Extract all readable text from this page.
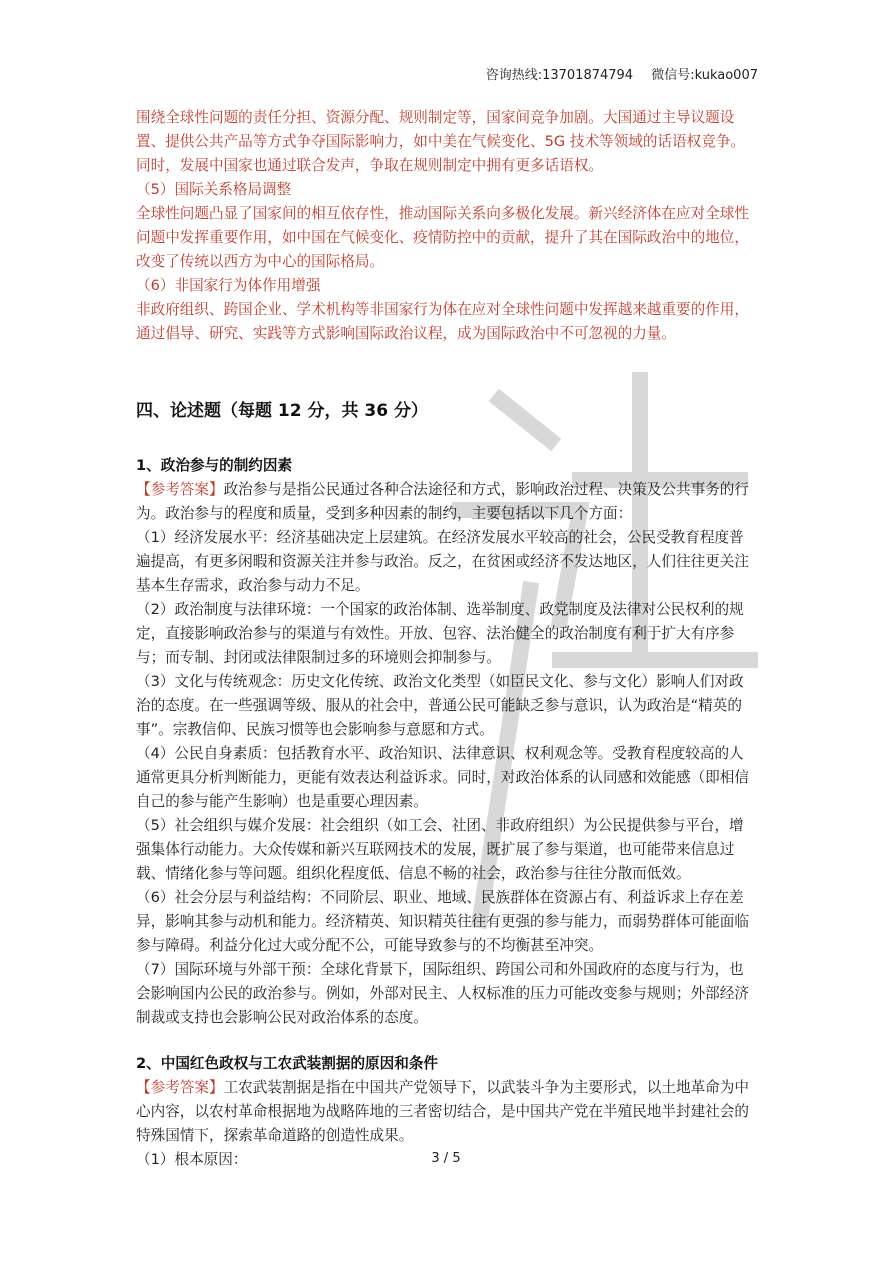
咨询热线:13701874794 微信号:kukao007

围绕全球性问题的责任分担、资源分配、规则制定等，国家间竞争加剧。大国通过主导议题设置、提供公共产品等方式争夺国际影响力，如中美在气候变化、5G 技术等领域的话语权竞争。同时，发展中国家也通过联合发声，争取在规则制定中拥有更多话语权。

（5）国际关系格局调整

全球性问题凸显了国家间的相互依存性，推动国际关系向多极化发展。新兴经济体在应对全球性问题中发挥重要作用，如中国在气候变化、疫情防控中的贡献，提升了其在国际政治中的地位，改变了传统以西方为中心的国际格局。

（6）非国家行为体作用增强

非政府组织、跨国企业、学术机构等非国家行为体在应对全球性问题中发挥越来越重要的作用，通过倡导、研究、实践等方式影响国际政治议程，成为国际政治中不可忽视的力量。

四、论述题（每题 12 分，共 36 分）

1、政治参与的制约因素

【参考答案】政治参与是指公民通过各种合法途径和方式，影响政治过程、决策及公共事务的行为。政治参与的程度和质量，受到多种因素的制约，主要包括以下几个方面：

（1）经济发展水平：经济基础决定上层建筑。在经济发展水平较高的社会，公民受教育程度普遍提高，有更多闲暇和资源关注并参与政治。反之，在贫困或经济不发达地区，人们往往更关注基本生存需求，政治参与动力不足。

（2）政治制度与法律环境：一个国家的政治体制、选举制度、政党制度及法律对公民权利的规定，直接影响政治参与的渠道与有效性。开放、包容、法治健全的政治制度有利于扩大有序参与；而专制、封闭或法律限制过多的环境则会抑制参与。

（3）文化与传统观念：历史文化传统、政治文化类型（如臣民文化、参与文化）影响人们对政治的态度。在一些强调等级、服从的社会中，普通公民可能缺乏参与意识，认为政治是“精英的事”。宗教信仰、民族习惯等也会影响参与意愿和方式。

（4）公民自身素质：包括教育水平、政治知识、法律意识、权利观念等。受教育程度较高的人通常更具分析判断能力，更能有效表达利益诉求。同时，对政治体系的认同感和效能感（即相信自己的参与能产生影响）也是重要心理因素。

（5）社会组织与媒介发展：社会组织（如工会、社团、非政府组织）为公民提供参与平台，增强集体行动能力。大众传媒和新兴互联网技术的发展，既扩展了参与渠道，也可能带来信息过载、情绪化参与等问题。组织化程度低、信息不畅的社会，政治参与往往分散而低效。

（6）社会分层与利益结构：不同阶层、职业、地域、民族群体在资源占有、利益诉求上存在差异，影响其参与动机和能力。经济精英、知识精英往往有更强的参与能力，而弱势群体可能面临参与障碍。利益分化过大或分配不公，可能导致参与的不均衡甚至冲突。

（7）国际环境与外部干预：全球化背景下，国际组织、跨国公司和外国政府的态度与行为，也会影响国内公民的政治参与。例如，外部对民主、人权标准的压力可能改变参与规则；外部经济制裁或支持也会影响公民对政治体系的态度。

2、中国红色政权与工农武装割据的原因和条件

【参考答案】工农武装割据是指在中国共产党领导下，以武装斗争为主要形式，以土地革命为中心内容，以农村革命根据地为战略阵地的三者密切结合，是中国共产党在半殖民地半封建社会的特殊国情下，探索革命道路的创造性成果。

（1）根本原因：	3 / 5
